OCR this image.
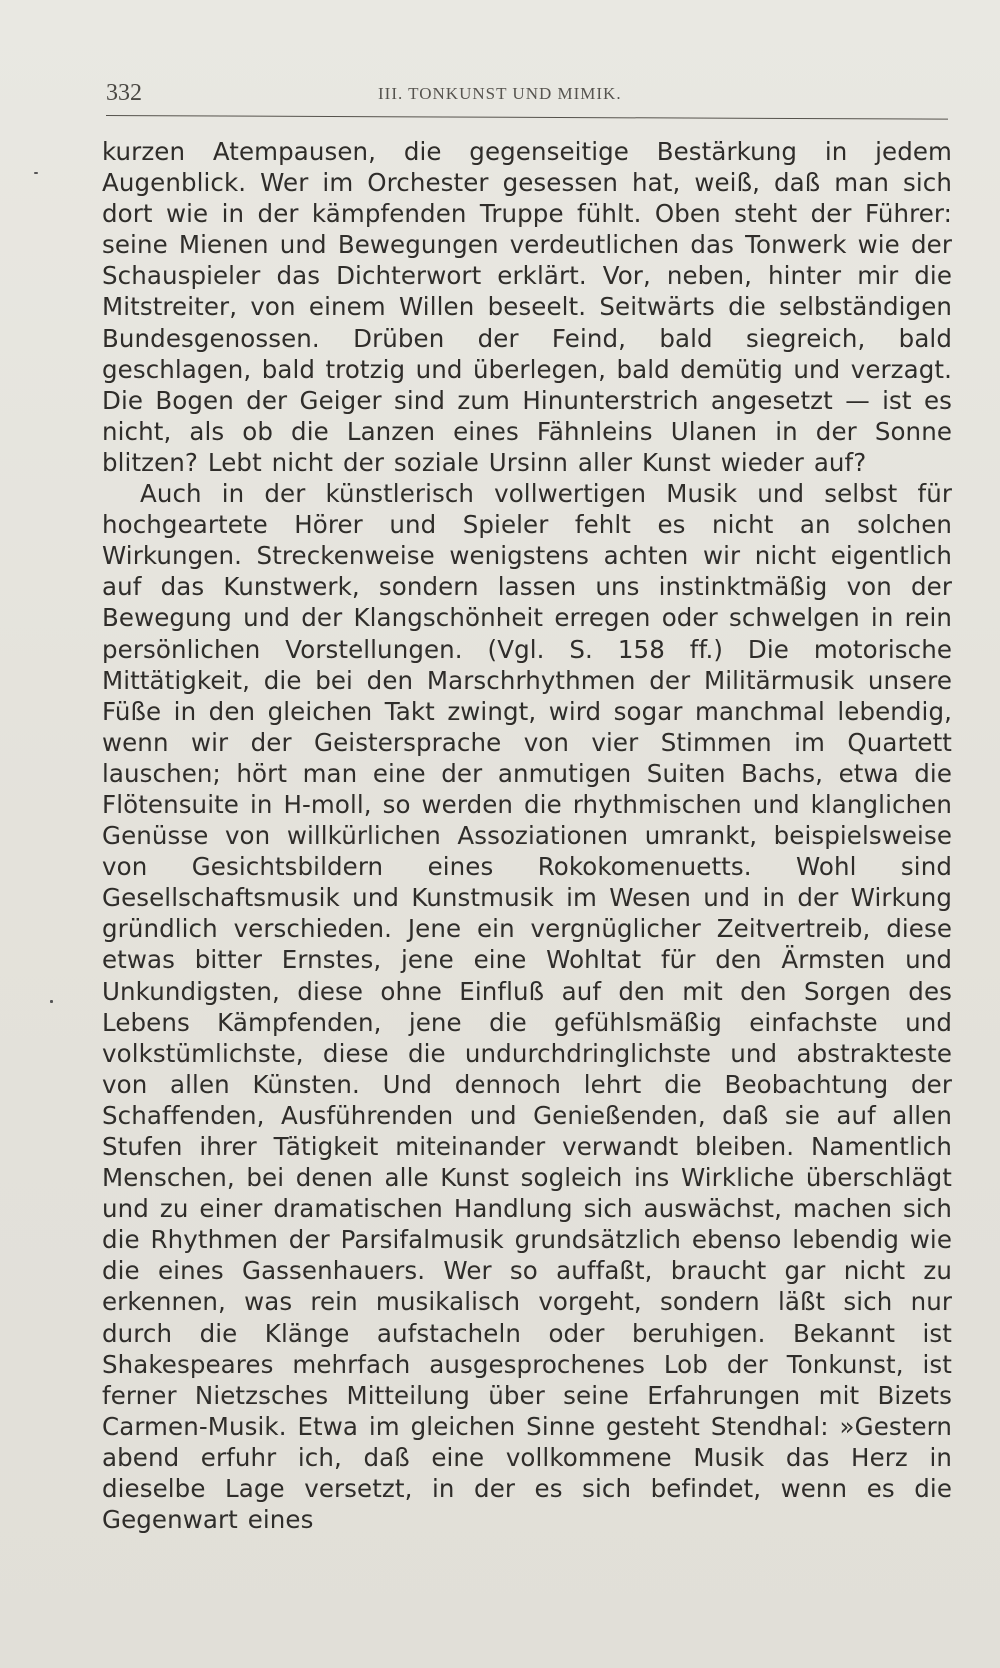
332	III. TONKUNST UND MIMIK.

kurzen Atempausen, die gegenseitige Bestärkung in jedem Augenblick. Wer im Orchester gesessen hat, weiß, daß man sich dort wie in der kämpfenden Truppe fühlt. Oben steht der Führer: seine Mienen und Bewegungen verdeutlichen das Tonwerk wie der Schauspieler das Dichterwort erklärt. Vor, neben, hinter mir die Mitstreiter, von einem Willen beseelt. Seitwärts die selbständigen Bundesgenossen. Drüben der Feind, bald siegreich, bald geschlagen, bald trotzig und überlegen, bald demütig und verzagt. Die Bogen der Geiger sind zum Hinunterstrich angesetzt — ist es nicht, als ob die Lanzen eines Fähnleins Ulanen in der Sonne blitzen? Lebt nicht der soziale Ursinn aller Kunst wieder auf?

Auch in der künstlerisch vollwertigen Musik und selbst für hochgeartete Hörer und Spieler fehlt es nicht an solchen Wirkungen. Streckenweise wenigstens achten wir nicht eigentlich auf das Kunstwerk, sondern lassen uns instinktmäßig von der Bewegung und der Klangschönheit erregen oder schwelgen in rein persönlichen Vorstellungen. (Vgl. S. 158 ff.) Die motorische Mittätigkeit, die bei den Marschrhythmen der Militärmusik unsere Füße in den gleichen Takt zwingt, wird sogar manchmal lebendig, wenn wir der Geistersprache von vier Stimmen im Quartett lauschen; hört man eine der anmutigen Suiten Bachs, etwa die Flötensuite in H-moll, so werden die rhythmischen und klanglichen Genüsse von willkürlichen Assoziationen umrankt, beispielsweise von Gesichtsbildern eines Rokokomenuetts. Wohl sind Gesellschaftsmusik und Kunstmusik im Wesen und in der Wirkung gründlich verschieden. Jene ein vergnüglicher Zeitvertreib, diese etwas bitter Ernstes, jene eine Wohltat für den Ärmsten und Unkundigsten, diese ohne Einfluß auf den mit den Sorgen des Lebens Kämpfenden, jene die gefühlsmäßig einfachste und volkstümlichste, diese die undurchdringlichste und abstrakteste von allen Künsten. Und dennoch lehrt die Beobachtung der Schaffenden, Ausführenden und Genießenden, daß sie auf allen Stufen ihrer Tätigkeit miteinander verwandt bleiben. Namentlich Menschen, bei denen alle Kunst sogleich ins Wirkliche überschlägt und zu einer dramatischen Handlung sich auswächst, machen sich die Rhythmen der Parsifalmusik grundsätzlich ebenso lebendig wie die eines Gassenhauers. Wer so auffaßt, braucht gar nicht zu erkennen, was rein musikalisch vorgeht, sondern läßt sich nur durch die Klänge aufstacheln oder beruhigen. Bekannt ist Shakespeares mehrfach ausgesprochenes Lob der Tonkunst, ist ferner Nietzsches Mitteilung über seine Erfahrungen mit Bizets Carmen-Musik. Etwa im gleichen Sinne gesteht Stendhal: »Gestern abend erfuhr ich, daß eine vollkommene Musik das Herz in dieselbe Lage versetzt, in der es sich befindet, wenn es die Gegenwart eines
